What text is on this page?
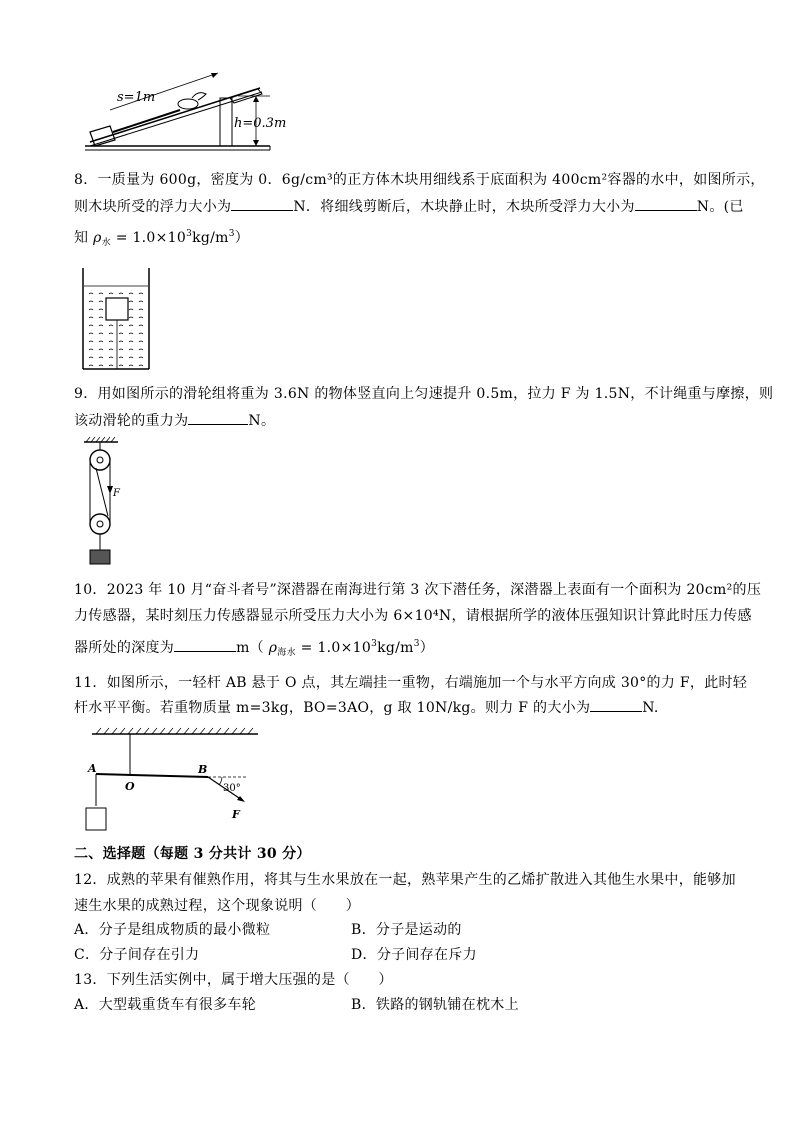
s=1m
h=0.3m
8．一质量为 600g，密度为 0．6g/cm³的正方体木块用细线系于底面积为 400cm²容器的水中，如图所示，
则木块所受的浮力大小为	N．将细线剪断后，木块静止时，木块所受浮力大小为	N。(已
知 $\rho_水 = 1.0\times 10^3kg/m^3$）
9．用如图所示的滑轮组将重为 3.6N 的物体竖直向上匀速提升 0.5m，拉力 F 为 1.5N，不计绳重与摩擦，则
该动滑轮的重力为	N。
F
10．2023 年 10 月“奋斗者号”深潜器在南海进行第 3 次下潜任务，深潜器上表面有一个面积为 20cm²的压
力传感器，某时刻压力传感器显示所受压力大小为 6×10⁴N，请根据所学的液体压强知识计算此时压力传感
器所处的深度为	m（ $\rho_{海水} = 1.0\times 10^3kg/m^3$）
11．如图所示，一轻杆 AB 悬于 O 点，其左端挂一重物，右端施加一个与水平方向成 30°的力 F，此时轻
杆水平平衡。若重物质量 m=3kg，BO=3AO，g 取 10N/kg。则力 F 的大小为	N.
A
O
B
30°
F
二、选择题（每题 3 分共计 30 分）
12．成熟的苹果有催熟作用，将其与生水果放在一起，熟苹果产生的乙烯扩散进入其他生水果中，能够加
速生水果的成熟过程，这个现象说明（　　）
A．分子是组成物质的最小微粒	B．分子是运动的
C．分子间存在引力	D．分子间存在斥力
13．下列生活实例中，属于增大压强的是（　　）
A．大型载重货车有很多车轮	B．铁路的钢轨铺在枕木上
